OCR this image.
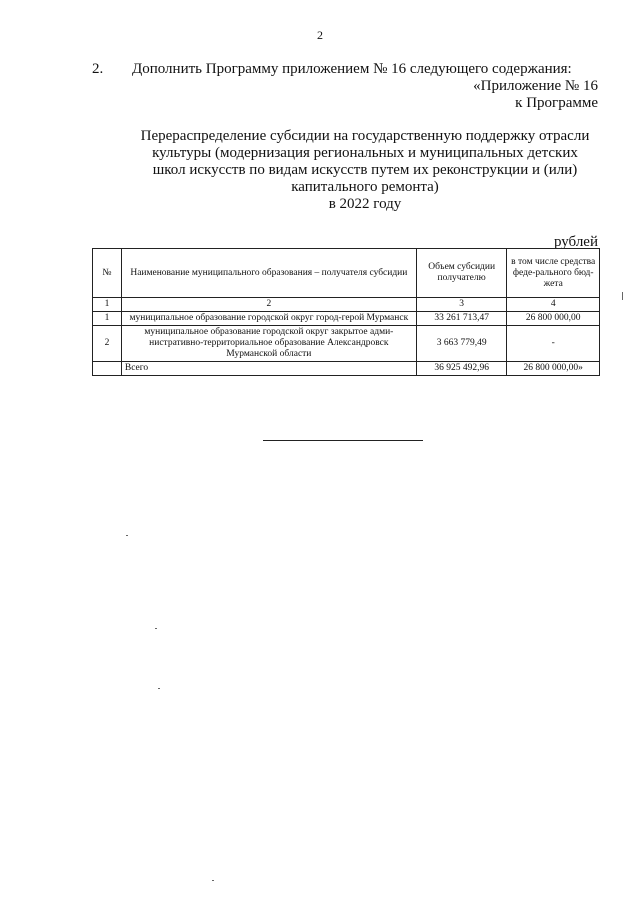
2
2. Дополнить Программу приложением № 16 следующего содержания:
«Приложение № 16
к Программе
Перераспределение субсидии на государственную поддержку отрасли
культуры (модернизация региональных и муниципальных детских
школ искусств по видам искусств путем их реконструкции и (или)
капитального ремонта)
в 2022 году
рублей
№	Наименование муниципального образования – получателя субсидии	Объем субсидии получателю	в том числе средства феде-рального бюд-жета
1	2	3	4
1	муниципальное образование городской округ город-герой Мурманск	33 261 713,47	26 800 000,00
2	муниципальное образование городской округ закрытое адми-нистративно-территориальное образование Александровск Мурманской области	3 663 779,49	-
	Всего	36 925 492,96	26 800 000,00»
